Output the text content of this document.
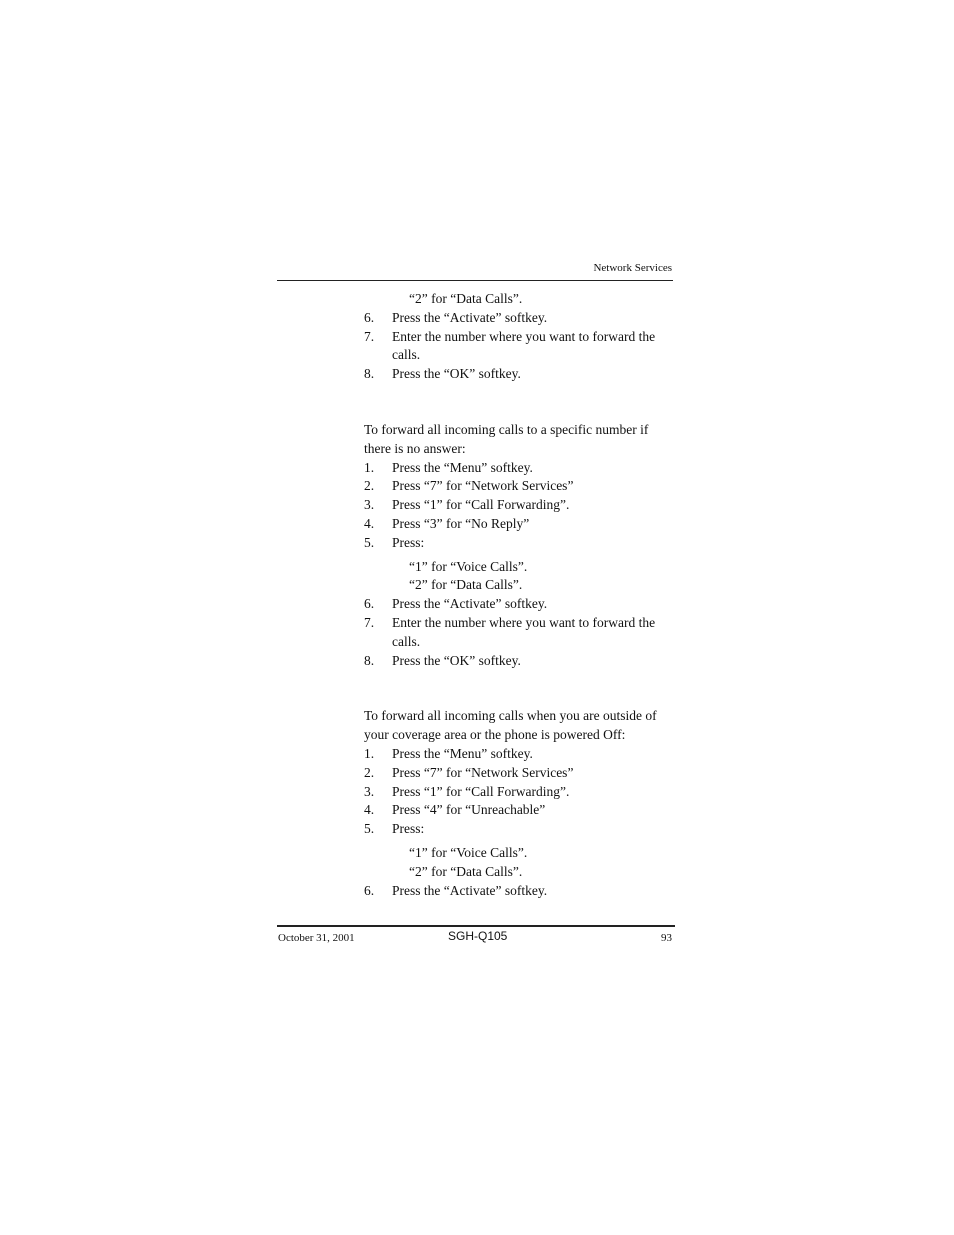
Network Services
“2” for “Data Calls”.
6.	Press the “Activate” softkey.
7.	Enter the number where you want to forward the calls.
8.	Press the “OK” softkey.
To forward all incoming calls to a specific number if there is no answer:
1.	Press the “Menu” softkey.
2.	Press “7” for “Network Services”
3.	Press “1” for “Call Forwarding”.
4.	Press “3” for “No Reply”
5.	Press:
“1” for “Voice Calls”.
“2” for “Data Calls”.
6.	Press the “Activate” softkey.
7.	Enter the number where you want to forward the calls.
8.	Press the “OK” softkey.
To forward all incoming calls when you are outside of your coverage area or the phone is powered Off:
1.	Press the “Menu” softkey.
2.	Press “7” for “Network Services”
3.	Press “1” for “Call Forwarding”.
4.	Press “4” for “Unreachable”
5.	Press:
“1” for “Voice Calls”.
“2” for “Data Calls”.
6.	Press the “Activate” softkey.
October 31, 2001	SGH-Q105	93
